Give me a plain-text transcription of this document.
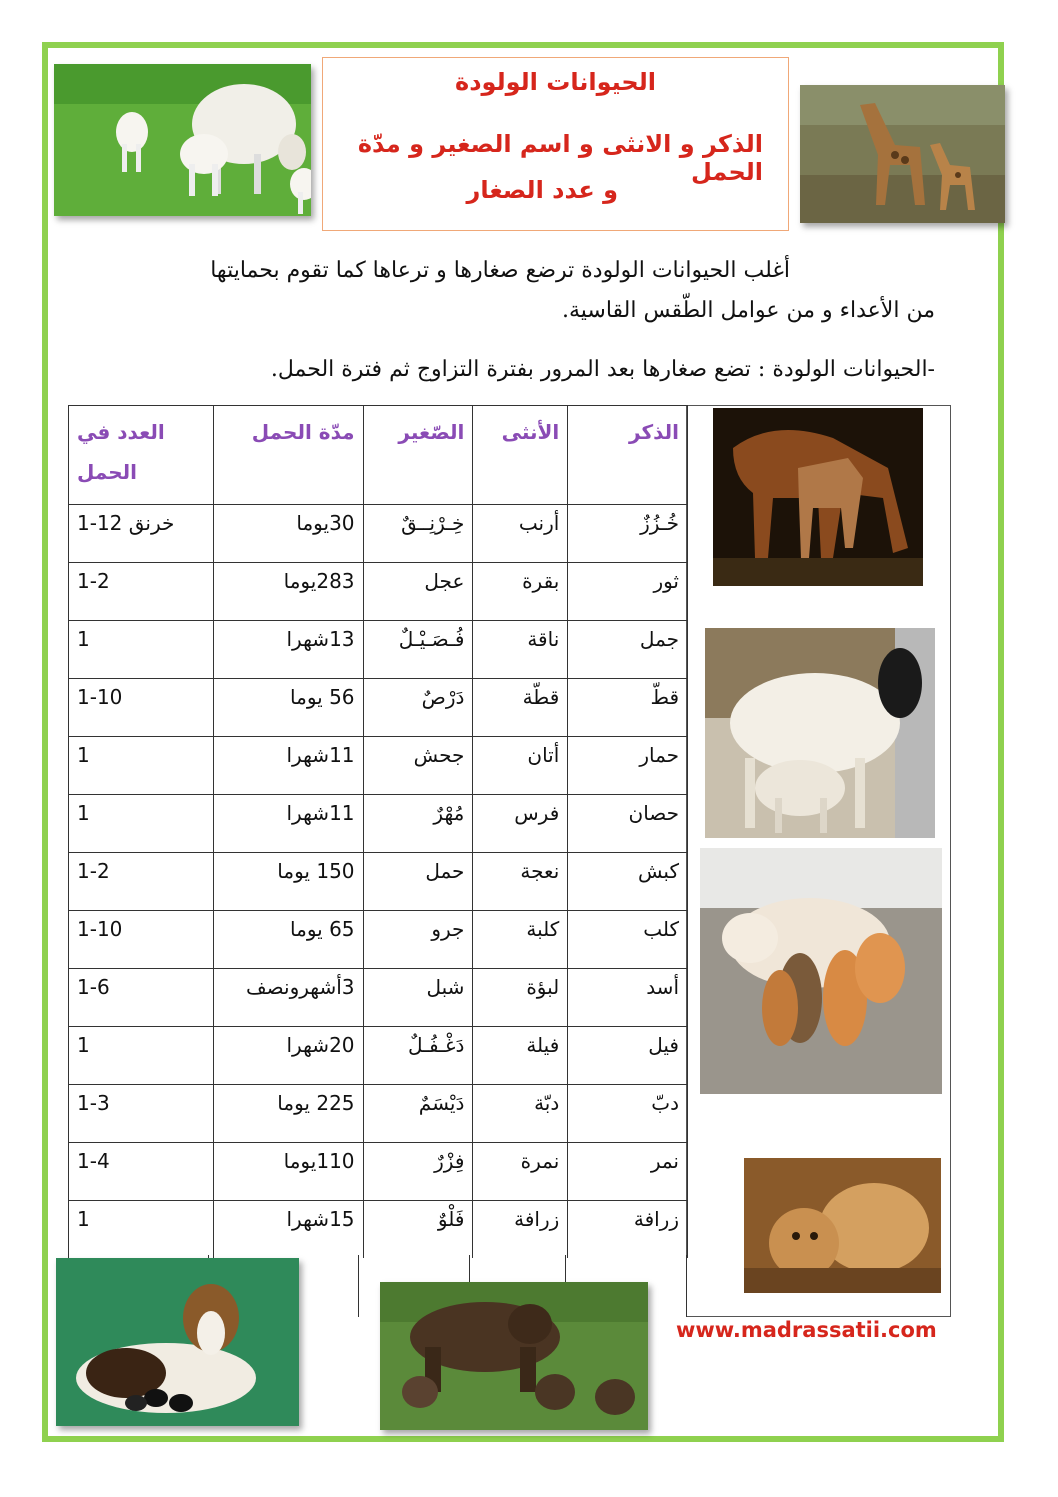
الحيوانات الولودة
الذكر و الانثى و اسم الصغير و مدّة الحمل
و عدد الصغار
أغلب الحيوانات الولودة ترضع صغارها و ترعاها كما تقوم بحمايتها
من الأعداء و من عوامل الطّقس القاسية.
-الحيوانات الولودة : تضع صغارها بعد المرور بفترة التزاوج ثم فترة الحمل.
الذكر	الأنثى	الصّغير	مدّة الحمل	العدد في
الحمل
خُـزُزٌ	أرنب	خِـرْنِــقٌ	30يوما	1-12 خرنق
ثور	بقرة	عجل	283يوما	1-2
جمل	ناقة	فُـصَـيْـلٌ	13شهرا	1
قطّ	قطّة	دَرْصٌ	56 يوما	1-10
حمار	أتان	جحش	11شهرا	1
حصان	فرس	مُهْرٌ	11شهرا	1
كبش	نعجة	حمل	150 يوما	1-2
كلب	كلبة	جرو	65 يوما	1-10
أسد	لبؤة	شبل	3أشهرونصف	1-6
فيل	فيلة	دَغْـفُـلٌ	20شهرا	1
دبّ	دبّة	دَيْسَمٌ	225 يوما	1-3
نمر	نمرة	فِزْرٌ	110يوما	1-4
زرافة	زرافة	فَلْوٌ	15شهرا	1
www.madrassatii.com
